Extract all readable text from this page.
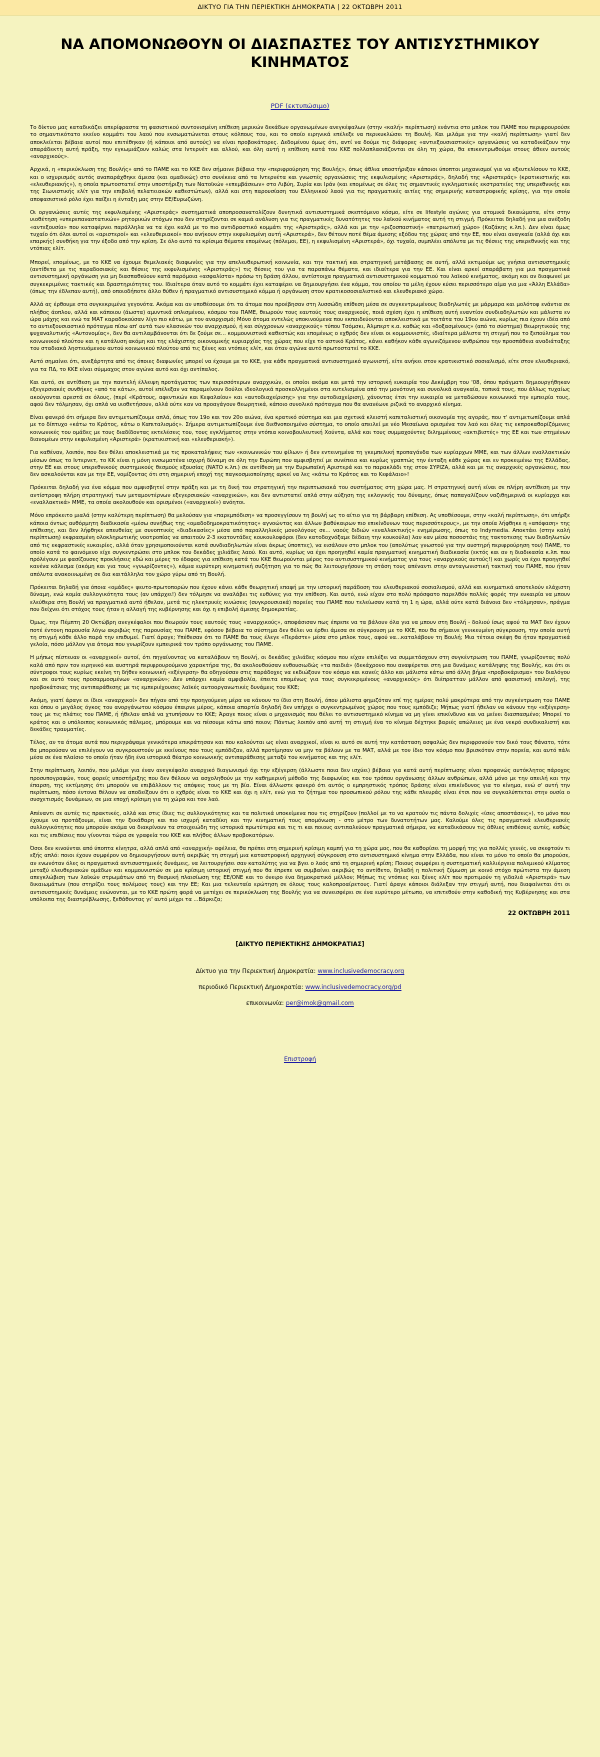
ΔΙΚΤΥΟ ΓΙΑ ΤΗΝ ΠΕΡΙΕΚΤΙΚΗ ΔΗΜΟΚΡΑΤΙΑ | 22 ΟΚΤΩΒΡΗ 2011
ΝΑ ΑΠΟΜΟΝΩΘΟΥΝ ΟΙ ΔΙΑΣΠΑΣΤΕΣ ΤΟΥ ΑΝΤΙΣΥΣΤΗΜΙΚΟΥ ΚΙΝΗΜΑΤΟΣ
PDF (εκτυπώσιμο)

Το δίκτυο μας καταδικάζει απερίφραστα τη φασιστικού συντονισμένη επίθεση μερικών δεκάδων οργανωμένων ανεγκέφαλων (στην «καλή» περίπτωση) ενάντια στο μπλοκ του ΠΑΜΕ που περιφρουρούσε το σημαντικότατο εκείνο κομμάτι του λαού που ενσωματώνεται στους κόλπους του, και το οποίο ειρηνικά επέλεξε να περικυκλώσει τη Βουλή. Και μιλάμε για την «καλή περίπτωση» γιατί δεν αποκλείεται βέβαια αυτοί που επιτέθηκαν (ή κάποιοι από αυτούς) να είναι προβοκάτορες. Δεδομένου όμως ότι, αντί να δούμε τις διάφορες «αντιεξουσιαστικές» οργανώσεις να καταδικάζουν την απαράδεκτη αυτή πράξη, την εγκωμιάζουν καλώς στα Ιντερνέτ και αλλού, και όλη αυτή η επίθεση κατά του ΚΚΕ πολλαπλασιάζονται σε όλη τη χώρα, θα επικεντρωθούμε στους άθεεν αυτούς «αναρχικούς».

Αρχικά, η «περικύκλωση της Βουλής» από το ΠΑΜΕ και το ΚΚΕ δεν σήμαινε βέβαια την «περιφρούρηση της Βουλής», όπως άθλια υποστήριξαν κάποιοι ύποπτοι μηχανισμοί για να εξευτελίσουν το ΚΚΕ, και ο ισχυρισμός αυτός αναπαράχθηκε άμεσα (και ομαδικώς) στο συνέκεια από τα Ιντερνέτα και γνωστές οργανώσεις της εκφυλισμένης «Αριστεράς», δηλαδή της «Αριστεράς» (κρατικιστικής και «ελευθεριακής»), η οποία πρωτοστατεί στην υποστήριξη των Νατοϊκών «επεμβάσεων» στο Λιβύη, Συρία και Ιράν (και επομένως σε όλες τις σημαντικές εγκληματικές εκστρατείες της υπερεθνικής και της Σιωνιστικής ελίτ για την επιβολή πελατειακών καθεστώτων), αλλά και στη παρουσίαση του Ελληνικού λαού για τις πραγματικές αιτίες της σημερινής καταστροφικής κρίσης, για την οποία αποφασιστικό ρόλο έχει παίξει η ένταξη μας στην ΕΕ/Ευρωζώνη.

Οι οργανώσεις αυτές της εκφυλισμένης «Αριστεράς» συστηματικά αποπροσανατολίζουν δυνητικά αντισυστημικά σκεπτόμενο κόσμο, είτε σε lifestyle αγώνες για ατομικά δικαιώματα, είτε στην υιοθέτηση «υπερεπαναστατικών» ρητορικών στόχων που δεν στηρίζονται σε καμιά ανάλυση για τις πραγματικές δυνατότητες του λαϊκού κινήματος αυτή τη στιγμή. Πρόκειται δηλαδή για μια ανέξοδη «αντεξουσία» που καταφέρνει παράλληλα να τα έχει καλά με το πιο αντιδραστικό κομμάτι της «Αριστεράς», αλλά και με την «ριζοσπαστική» «πατριωτική χώρο» (Καζάκης κ.λπ.). Δεν είναι όμως τυχαίο ότι όλοι αυτοί οι «αριστεροί» και «ελευθεριακοί» που ανήκουν στην εκφυλισμένη αυτή «Αριστερά», δεν θέτουν ποτέ θέμα άμεσης εξόδου της χώρας από την ΕΕ, που είναι αναγκαία (αλλά όχι και επαρκής) συνθήκη για την έξοδο από την κρίση. Σε όλο αυτό τα κρίσιμα θέματα επομένως (πόλεμοι, ΕΕ), η εκφυλισμένη «Αριστερά», όχι τυχαία, συμπλέει απόλυτα με τις θέσεις της υπερεθνικής και της ντόπιας ελίτ.

Μπορεί, επομένως, με το ΚΚΕ να έχουμε θεμελιακές διαφωνίες για την απελευθερωτική κοινωνία, και την τακτική και στρατηγική μετάβασης σε αυτή, αλλά εκτιμούμε ως γνήσια αντισυστημικές (αντίθετα με τις παραδοσιακές και θέσεις της εκφυλισμένης «Αριστεράς») τις θέσεις του για τα παραπάνω θέματα, και ιδιαίτερα για την ΕΕ. Και είναι αρκεί απαράβατη για μια πραγματικά αντισυστημική οργάνωση για μη διασπαθεύουν κατά παρόμοια «ασφαλίστα» πρόσω τη δράση άλλου, αντίστοιχα πραγματικά αντισυστημικού κομματιού του λαϊκού κινήματος, ακόμη και αν διαφωνεί με συγκεκριμένες τακτικές και δραστηριότητες του. Ιδιαίτερα όταν αυτό το κομμάτι έχει καταφέρει να δημιουργήσει ένα κόμμα, του οποίου τα μέλη έχουν κύσει περισσότερο αίμα για μια «Άλλη Ελλάδα» (όπως την έδλεπαν αυτή), από οποιοδήποτε άλλο θύθεν ή πραγματικό αντισυστημικό κόμμα ή οργάνωση στον κρατικοσοσιαλιστικό και ελευθεριακό χώρο.

Αλλά ας έρθουμε στα συγκεκριμένα γεγονότα. Ακόμα και αν υποθέσουμε ότι τα άτομα που προέβησαν στη λυσσώδη επίθεση μέσα σε συγκεντρωμένους διαδηλωτές με μάρμαρα και μολότοφ ενάντια σε πλήθος άοπλου, αλλά και κάποιου (άωστα) αμυντικά οπλισμένου, κόσμου του ΠΑΜΕ, θεωρούν τους εαυτούς τους αναρχικούς, ποιά σχέση έχει η επίθεση αυτή εναντίον συνδιαδηλωτών και μάλιστα εν ώρα μάχης και ενώ τα ΜΑΤ καραδοκούσαν λίγο πιο κάτω, με τον αναρχισμό; Μόνο άτομα εντελώς υποκινούμενα που εκπαιδεύονται αποκλειστικά με τοιτάτα του 19ου αιώνα, κυρίως πια έχουν ιδέα από το αντιεξουσιαστικό πρόταγμα πίσω απ' αυτά των κλασικών του αναρχισμού, ή και σύγχρονων «αναρχικούς» τύπου Τσόμσκι, Άλμπερτ κ.α. καθώς και «δοξασμένους» (από το σύστημα) θεωρητικούς της ψυχαναλυτικής «Αυτονομίας», δεν θα αντιλαμβάνονται ότι δε ζούμε σε... κομμουνιστικά καθεστώς και επομένως ο εχθρός δεν είναι οι κομμουνιστές, ιδιαίτερα μάλιστα τη στιγμή που το ξεπούλημα του κοινωνικού πλούτου και η κατάλυση ακόμη και της ελάχιστης οικονομικής κυριαρχίας της χώρας που είχε το αστικό Κράτος, κάνει καθήκον κάθε αγωνιζόμενου ανθρώπου την προσπάθεια αναδιάταξης του σταδιακά ληστευόμενου αυτού κοινωνικού πλούτου από τις ξένες και ντόπιες ελίτ, και όταν αγώνα αυτό πρωτοστατεί το ΚΚΕ.

Αυτό σημαίνει ότι, ανεξάρτητα από τις όποιες διαφωνίες μπορεί να έχουμε με το ΚΚΕ, για κάθε πραγματικά αντισυστημικό αγωνιστή, είτε ανήκει στον κρατικιστικό σοσιαλισμό, είτε στον ελευθεριακό, για τα ΠΔ, το ΚΚΕ είναι σύμμαχος στον αγώνα αυτό και όχι αντίπαλος.

Και αυτό, σε αντίθεση με την παντελή έλλειψη προτάγματος των περισσότερων αναρχικών, οι οποίοι ακόμα και μετά την ιστορική ευκαιρία του Δεκέμβρη του '08, όπου πράγματι δημιουργήθηκαν εξεγερσιακές συνθήκες «από τα κάτω», αυτοί επέλεξαν να παραμείνουν δούλοι ιδεολογικά προσκολλημένοι στα ευτελισμένα από την μονότονη και συνολικά αναγκαία, τοπικά τους, που άλλως τυχαίως ακούγονται αρεστά σε όλους, (περί «Κράτους, αφεντικών και Κεφαλαίου» και «αυτοδιαχείρισης» για την αυτοδιαχείριση), χάνοντας έτσι την ευκαιρία να μεταδώσουν κοινωνικά την εμπειρία τους, αφού δεν τόλμησαν, όχι απλά να υιοθετήσουν, αλλά ούτε καν να προαγάγουν θεωρητικά, κάποιο συνολικό πρόταγμα που θα ανανέωνε ριζικά το αναρχικό κίνημα.

Είναι φανερό ότι σήμερα δεν αντιμετωπίζουμε απλά, όπως τον 19ο και τον 20ο αιώνα, ένα κρατικό σύστημα και μια σχετικά κλειστή καπιταλιστική οικονομία της αγοράς, που τ' αντιμετωπίζουμε απλά με το δίπτυχο «κάτω το Κράτος, κάτω ο Καπιταλισμός». Σήμερα αντιμετωπίζουμε ένα διεθνοποιημένο σύστημα, το οποίο απειλεί με νέο Μεσαίωνα ορισμένα τον λαό και όλες τις εκπροκαθορίζόμενες κοινωνικές του ομάδες με τους διαδίδοντας εκτελέσεις του, τους εγκλήματος στην ντόπια κοινοβουλευτική Χούντα, αλλά και τους συμμαχούντες διλημμένους «ακτιβιστές» της ΕΕ και των στημένων διανομέων στην εκφυλισμένη «Αριστερά» (κρατικιστική και «ελευθεριακή»).

Για καθέναν, λοιπόν, που δεν θέλει αποκλειστικά με τις προκαταλήψεις των «κοινωνικών του φίλων» ή δεν εντεινημένα τη γκεμπελική προπαγάνδα των κυρίαρχων ΜΜΕ, και των άλλων εναλλακτικών μέσων όπως το Ιντερνετ, το ΚΚ είναι η μόνη ενσωματένα ισχυρή δύναμη σε όλη την Ευρώπη που αμφισβητεί με συνέπεια και κυρίως γραπτώς την ένταξη κάθε χώρας και εν προκειμένω της Ελλάδας, στην ΕΕ και στους υπερεθνικούς συστημικούς θεσμούς εξουσίας (ΝΑΤΟ κ.λπ.) σε αντίθεση με την Ευρωπαϊκή Αριστερά και το παρακλάδι της στον ΣΥΡΙΖΑ, αλλά και με τις αναρχικές οργανώσεις, που δεν ασκαλούνται καν με την ΕΕ, νομίζοντας ότι στη σημερινή εποχή της παγκοσμιοποίησης αρκεί να λες «κάτω το Κράτος και το Κεφάλαιο»!

Πρόκειται δηλαδή για ένα κόμμα που αμφισβητεί στην πράξη και με τη δική του στρατηγική την περιπτωσιακά του συστήματος στη χώρα μας. Η στρατηγική αυτή είναι σε πλήρη αντίθεση με την αντίστροφη πλήρη στρατηγική των μεταμοντέρνων εξεγερσιακών «αναρχικών», και δεν αντιστατεί απλά στην αύξηση της εκλογικής του δύναμης, όπως παπαγαλίζουν ναζιθημερινά οι κυρίαρχα και «εναλλακτικά» ΜΜΕ, τα οποία ακολουθούν και ορισμένοι («αναρχικοί») ανόητοι.

Μόνο επρόκειτο μιαλά (στην καλύτερη περίπτωση) θα μελούσαν για «παρεμπόδιση» να προσεγγίσουν τη βουλή ως το αίτιο για τη βάρβαρη επίθεση. Ας υποθέσουμε, στην «καλή περίπτωση», ότι υπήρξε κάποια όντως αυθόρμητη διαδικασία «μέσω συνήθως της «ομαδοδημοκρατικότητας» αγνοώντας και άλλων βαθύκαιρων πιο επικίνδυνων τους περισσότερους», με την οποία λήφθηκε η «απόφαση» της επίθεσης, και δεν λήφθηκε απευθείας με συνοπτικές «διαδικασίες» μέσα από παραλληλικές μονολόγους σε... ναούς διδιών «εναλλακτικής» ενημέρωσης, όπως το Indymedia. Αποκτάει (στην καλή περίπτωση) εκφρασμένη ολοκληρωτικής νοοτροπίας να απαιτούν 2-3 εκατοντάδες κουκουλοφόροι (δεν κατοδοχνόξαμε δέδαιη την κουκούλα) λαν καν μέσα ποσοστάις της τακτοτεσης των διαδηλωτών από τις εκφραστικές ευκαιρίες, αλλά όταν χρησιμοποιούνται κατά συνδιαδηλωτών είναι άκρως ύποπτες), να εισάλουν στο μπλοκ του (απολύτως γνωστού για την αυστηρή περιφρούρηση του) ΠΑΜΕ, το οποίο κατά το φαινόμενο είχε συγκεντρώσει στο μπλοκ του δεκάδες χιλιάδες λαού. Και αυτό, κυρίως να έχει προηγηθεί καμία πραγματική κινηματική διαδικασία (εκτός και αν η διαδικασία κ.λπ. που πρόλέγουν με φασίζουσες προκλήσεις εδώ και μέρες το έδαφος για επίθεση κατά του ΚΚΕ θεωρούνται μέρος του αντισυστημικού κινήματος για τους «αναρχικούς αυτούς!) και χωρίς να έχει προηγηθεί κανένα κάλεσμα (ακόμη και για τους «γνωρίζοντες»), κάμια ευρύτερη κινηματική συζήτηση για το πώς θα λειτουργήσουν τη στάση τους απέναντι στην ανταγωνιστική τακτική του ΠΑΜΕ, που ήταν απόλυτα ανακοινωμένη σε δια καιτάλληλα τον χώρο γύρω από τη Βουλή.

Πρόκειται δηλαδή για όποια «ομάδες» ψευτο-πρωτοπορών που έχουν κάνει κάθε θεωρητική επαφή με την ιστορική παράδοση του ελευθεριακού σοσιαλισμού, αλλά και κινηματικά αποτελούν ελάχιστη δύναμη, ενώ κομία συλλογικότητα τους (αν υπάρχει!) δεν τόλμησε να αναλάβει τις ευθύνες για την επίθεση. Και αυτό, ενώ είχαν στο πολύ πρόσφατο παρελθόν πολλές φορές την ευκαιρία να μπουν ελεύθερα στη Βουλή να πραγματικά αυτό ήθελαν, μετά τις ηλεκτρικές κινώσεις (συγκρουσιακά) πορείες του ΠΑΜΕ που τελείωσαν κατά τη 1 η ώρα, αλλά ούτε κατά διάνοια δεν «τόλμησαν», πράγμα που δείχνει ότι στόχος τους ήταν η αλλαγή της κυβέρνησης και όχι η επιβολή άμεσης δημοκρατίας.

Όμως, την Πέμπτη 20 Οκτώβρη ανεγκέφαλοι που θεωρούν τους εαυτούς τους «αναρχικούς», αποφάσισαν πως έπρεπε να τα βάλουν όλα για να μπουν στη Βουλή - δολιού ίσως αφού τα ΜΑΤ δεν έχουν ποτέ έντονη παρουσία λόγω ακριβώς της παρουσίας του ΠΑΜΕ, εφόσον βέβαια το σύστημα δεν θέλει να έρθει άμεσα σε σύγκρουση με το ΚΚΕ, που θα σήμαινε γενικευμένη σύγκρουση, την οποία αυτή τη στιγμή κάθε άλλο παρά την επιθυμεί. Γιατί άραγε; Υπέθεσαν ότι το ΠΑΜΕ θα τους έλεγε «Περάστε» μέσα στο μπλοκ τους, αφού να...καταλάβουν τη Βουλή; Μια τέτοια σκέψη θα ήταν πραγματικά γελοία, πόσο μάλλον για άτομα που γνωρίζουν εμπειρικά τον τρόπο οργάνωσης του ΠΑΜΕ.

Η μήπως πίστευαν οι «αναρχικοί» αυτοί, ότι πηγαίνοντας να καταλάβουν τη Βουλή, οι δεκάδες χιλιάδες κόσμου που είχαν επιλέξει να συμμετάσχουν στη συγκέντρωση του ΠΑΜΕ, γνωρίζοντας πολύ καλά από πριν τον ειρηνικό και αυστηρά περιφρουρούμενο χαρακτήρα της, θα ακολουθούσαν ενθουσιωδώς «τα παιδιά» (δεκάχρονο που αναφέρεται στη μια δυνάμεις κατάληψης της Βουλής, και ότι οι σύντροφοι τους κυρίως εκείνη τη δήθεν κοινωνική «εξέγερση» θα οδηγούσαν στις παράδοχες να εκδιώξουν τον κόσμο και κανείς άλλο και μάλιστα κάτω από άλλη βήμα «προβοκάρισμα» του διαλόγου και σε αυτό τους προσαρμοσμένων «αναρχικών»; Δεν υπάρχει καμία αμφιβολία, έπειτα επομένως για τους συγκεκριμένους «αναρχικούς» ότι διέπρατταν μάλλον από φασιστική επιλογή, της προβοκάτσιας της αντιπαράθεσης με τις εμπεριέχουσες λαϊκές αυτοοργανωτικές δυνάμεις του ΚΚΕ;

Ακόμη, γιατί άραγε οι ίδιοι «αναρχικοί» δεν πήγαν από την προηγούμενη μέρα να κάνουν το ίδιο στη Βουλή, όπου μάλιστα φημιζόταν επί της ημέρας πολύ μακρύτερα από την συγκέντρωση του ΠΑΜΕ και όπου ο μεγάλος όγκος του ανοργάνωτου κόσμου έπαιρνε μέρος, κάποια απαρτία δηλαδή δεν υπήρχε ο συγκεντρωμένος χώρος που τους εμπόδιζε; Μήπως γιατί ήθελαν να κάνουν την «εξέγερση» τους με τις πλάτες του ΠΑΜΕ, ή ήθελαν απλά να χτυπήσουν το ΚΚΕ; Άραγε ποιος είναι ο μηχανισμός που θέλει το αντισυστημικό κίνημα να μη γίνει επικίνδυνο και να μείνει διασπασμένο; Μπορεί το κράτος και ο υπόλοιπος κοινωνικός πάλεμος, μπόρουμε και να πέσουμε κάτω από ποιον; Πάντως λοιπόν από αυτή τη στιγμή ένα το κίνημα δέχτηκε βαριές απώλειες με ένα νεκρό συνδικαλιστή και δεκάδες τραυματίες.

Τέλος, αν τα άτομα αυτά που περιγράψαμε γενικότερα επικράτησαν και που καλούνται ως είναι αναρχικοί, είναι κι αυτό σε αυτή την κατάσταση ασφαλώς δεν περιφρονούν τον δικό τους θάνατο, τότε θα μπορούσαν να επιλέγουν να συγκρουστούν με εκείνους που τους εμπόδιζαν, αλλά προτίμησαν να μην τα βάλουν με τα ΜΑΤ, αλλά με τον ίδιο τον κόσμο που βρισκόταν στην πορεία, και αυτό πάλι μέσα σε ένα πλαίσιο το οποίο ήταν ήδη ένα ιστορικά θέατρο κοινωνικής αντιπαράθεσης μεταξύ του κινήματος και της ελίτ.

Στην περίπτωση, λοιπόν, που μιλάμε για έναν ανεγκέφαλο αναρχικό διαγωνισμό όχι την εξέγερση (άλλωστε ποια δεν ισχύει) βέβαια για κατά αυτή περίπτωσης είναι προφανώς αυτόκλητος πάροχος προσυπογραφών, τους φορείς υποστήριξης που δεν θέλουν να ασχοληθούν με την καθημερινή μέθοδο της διαφωνίας και του τρόπου οργάνωσης άλλων ανθρώπων, αλλά μόνο με την απειλή και την έπαρση, της εκτίμησης ότι μπορούν να επιβάλλουν τις απόψεις τους με τη βία. Είναι άλλωστε φανερό ότι αυτός ο εμπρηστικός τρόπος δράσης είναι επικίνδυνος για το κίνημα, ενώ σ' αυτή την περίπτωση, πόσο έντονα θέλουν να αποδείξουν ότι ο εχθρός είναι το ΚΚΕ και όχι η ελίτ, ενώ για το ζήτημα του προσωπικού ρόλου της κάθε πλευράς είναι έτσι που να συγκαλύπτεται στην ουσία ο συσχετισμός δυνάμεων, σε μια εποχή κρίσιμη για τη χώρα και τον λαό.

Απέναντι σε αυτές τις πρακτικές, αλλά και στις ίδιες τις συλλογικότητες και τα πολιτικά υποκείμενα που τις στηρίζουν (πολλοί με το να κρατούν τις πάντα δολιχές «ίσες αποστάσεις»), το μόνο που έχουμε να προτάξουμε, είναι την ξεκάθαρη και πιο ισχυρή καταδίκη και την κινηματική τους απομόνωση - στο μέτρο των δυνατοτήτων μας. Καλούμε όλες τις πραγματικά ελευθεριακές συλλογικότητες που μπορούν ακόμα να διακρίνουν τα στοιχειώδη της ιστορικά πρωτύτερα και τις τι και ποιους αντιπαλεύουν πραγματικά σήμερα, να καταδικάσουν τις άθλιες επιθέσεις αυτές, καθώς και τις επιθέσεις που γίνονται τώρα σε γραφεία του ΚΚΕ και πλήθος άλλων προβοκατόρων.

Όσοι δεν κινούνται από ύποπτα κίνητρα, αλλά απλά από «αναρχική» αφέλεια, θα πρέπει στη σημερινή κρίσιμη καμπή για τη χώρα μας, που θα καθορίσει τη μορφή της για πολλές γενιές, να σκεφτούν τι εξής απλό: ποιοι έχουν συμφέρον να δημιουργήσουν αυτή ακριβώς τη στιγμή μια καταστροφική αρχηγική σύγκρουση στο αντισυστημικό κίνημα στην Ελλάδα, που είναι το μόνο το οποίο θα μπορούσε, αν ενωνόταν όλες οι πραγματικά αντισυστημικές δυνάμεις, να λειτουργήσει σαν καταλύτης για να βγει ο λαός από τη σημερινή κρίση; Ποιους συμφέρει η συστηματική καλλιέργεια πολεμικού κλίματος μεταξύ ελευθεριακών ομάδων και κομμουνιστών σε μια κρίσιμη ιστορική στιγμή που θα έπρεπε να συμβαίνει ακριβώς το αντίθετο, δηλαδή η πολιτική ζύμωση με κοινό στόχο πρώτιστα την άμεση απεγκλώβιση των λαϊκών στρωμάτων από τη θεσμική πλαισίωση της ΕΕ/ΟΝΕ και το όνειρο ένα δημοκρατικό μέλλον; Μήπως τις ντόπιες και ξένες ελίτ που προτιμούν τη γιδαλιά «Αριστερά» των δικαιωμάτων (που στηρίζει τους πολέμους τους) και την ΕΕ; Και μια τελευταία ερώτηση σε όλους τους καλοπροαίρετους. Γιατί άραγε κάποιοι διάλεξαν την στιγμή αυτή, που διαφαίνεται ότι οι αντισυστημικές δυνάμεις ενώνονται, με το ΚΚΕ πρώτη φορά να μετέχει σε περικύκλωση της Βουλής για να συνεισφέρει σε ένα ευρύτερο μέτωπο, να επιτεθούν στην καθοδική της Κυβέρνησης και στα υπόλοιπα της διαστρέβλωσης, ξεθάθοντας γι' αυτό μέχρι τα ...Βάρκιζα;

22 ΟΚΤΩΒΡΗ 2011
[ΔΙΚΤΥΟ ΠΕΡΙΕΚΤΙΚΗΣ ΔΗΜΟΚΡΑΤΙΑΣ]
Δίκτυο για την Περιεκτική Δημοκρατία: www.inclusivedemocracy.org
περιοδικό Περιεκτική Δημοκρατία: www.inclusivedemocracy.org/pd
επικοινωνία: per@imok@gmail.com
Επιστροφή
